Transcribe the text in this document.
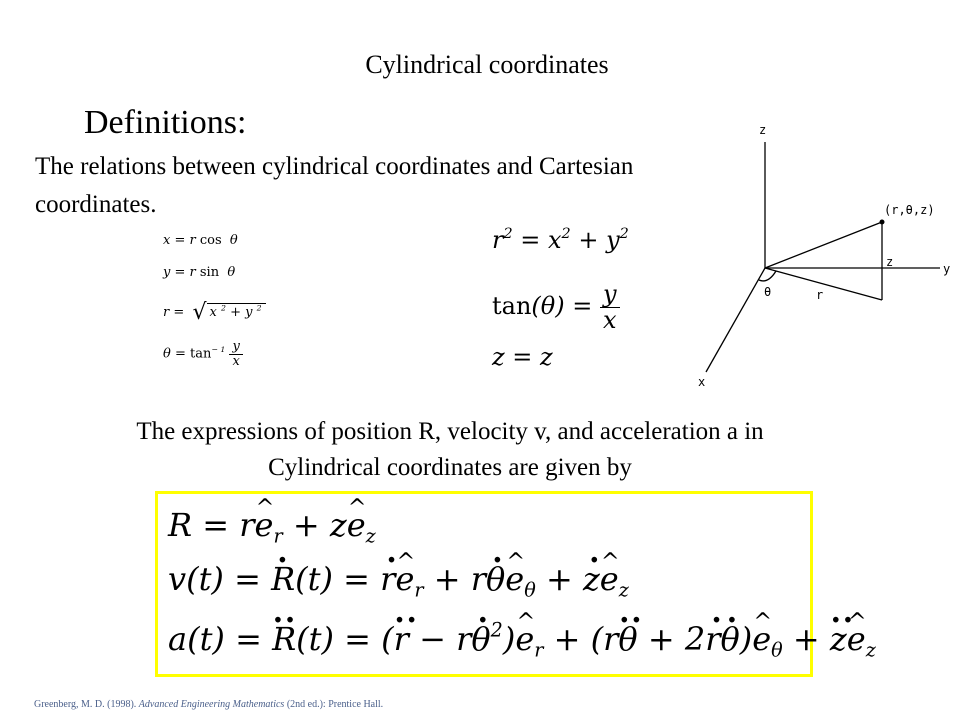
Cylindrical coordinates
Definitions:
The relations between cylindrical coordinates and Cartesian coordinates.
x = r cos  θ
y = r sin  θ
r =  √ x $^2$ + y $^2$
$\theta = \tan^{- 1} \frac{y}{x}$
$r^2 = x^2 + y^2$
$\tan(\theta) = \frac{y}{x}$
z = z
z
y
x
(r,θ,z)
z
r
θ
The expressions of position R, velocity v, and acceleration a in
Cylindrical coordinates are given by
R = r^ $e_r$ + z^ $e_z$
v(t) = . R(t) = . r^ $e_r + r$. θ^ $e_\theta$ + . z^ $e_z$
a(t) = .. R(t) = (.. r − r. $\theta^2)\^{}$ $e_r + (r$.. θ + 2. r. θ)^ $e_\theta$ + .. z^ $e_z$
Greenberg, M. D. (1998). Advanced Engineering Mathematics (2nd ed.): Prentice Hall.
